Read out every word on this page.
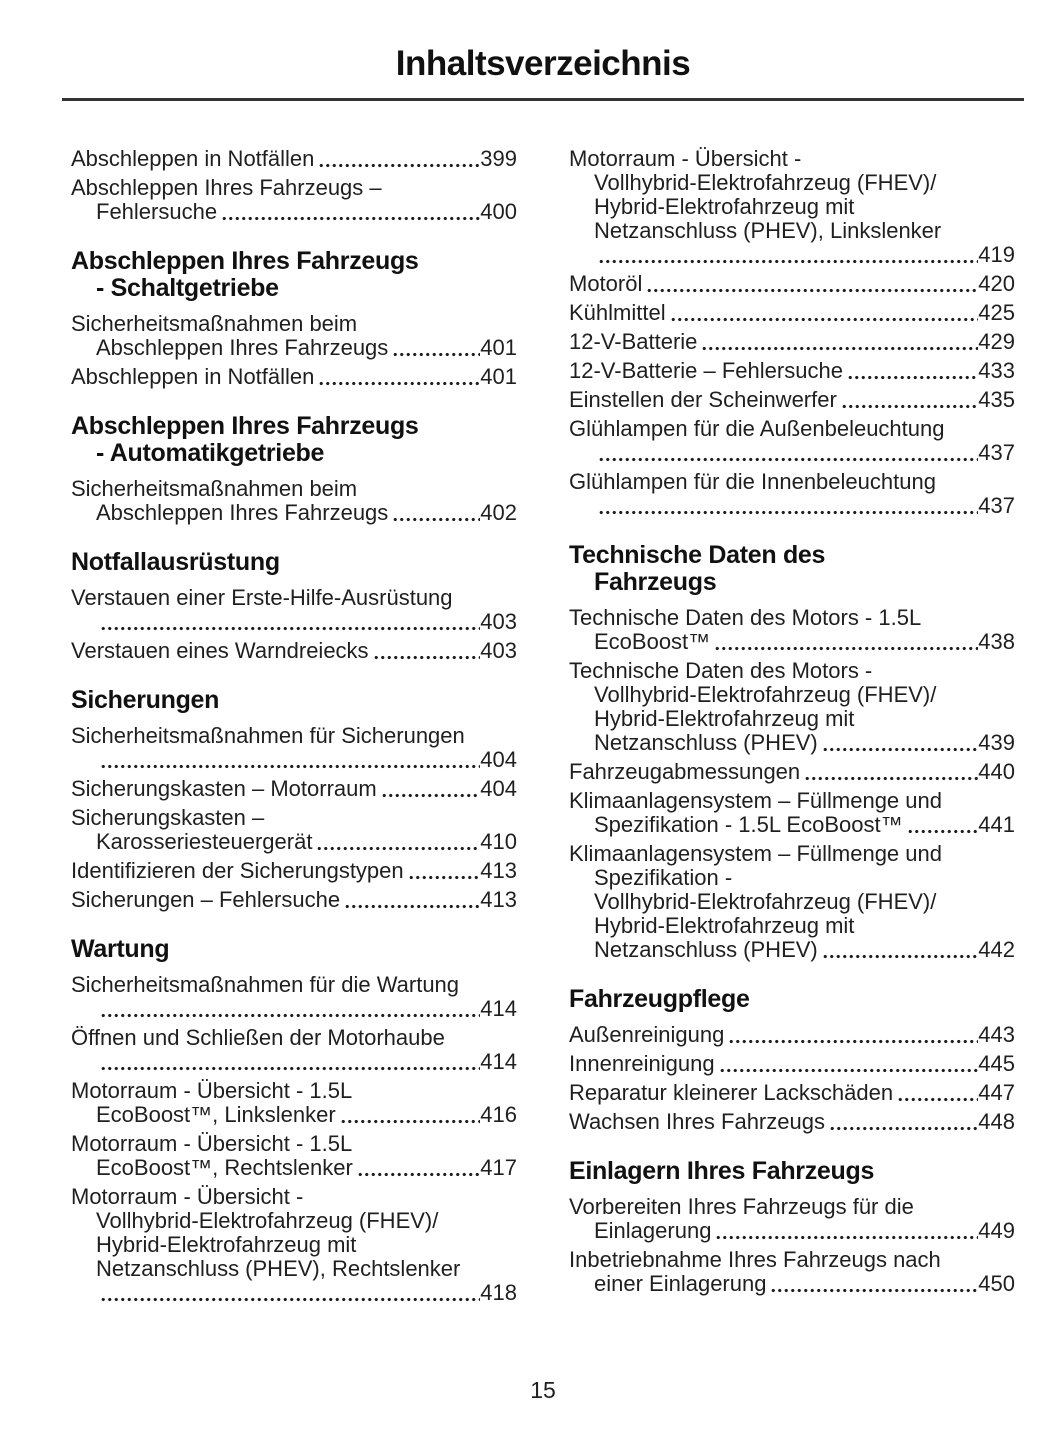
Inhaltsverzeichnis
Abschleppen in Notfällen	399
Abschleppen Ihres Fahrzeugs –
Fehlersuche	400
Abschleppen Ihres Fahrzeugs
- Schaltgetriebe
Sicherheitsmaßnahmen beim
Abschleppen Ihres Fahrzeugs	401
Abschleppen in Notfällen	401
Abschleppen Ihres Fahrzeugs
- Automatikgetriebe
Sicherheitsmaßnahmen beim
Abschleppen Ihres Fahrzeugs	402
Notfallausrüstung
Verstauen einer Erste-Hilfe-Ausrüstung
403
Verstauen eines Warndreiecks	403
Sicherungen
Sicherheitsmaßnahmen für Sicherungen
404
Sicherungskasten – Motorraum	404
Sicherungskasten –
Karosseriesteuergerät	410
Identifizieren der Sicherungstypen	413
Sicherungen – Fehlersuche	413
Wartung
Sicherheitsmaßnahmen für die Wartung
414
Öffnen und Schließen der Motorhaube
414
Motorraum - Übersicht - 1.5L
EcoBoost™, Linkslenker	416
Motorraum - Übersicht - 1.5L
EcoBoost™, Rechtslenker	417
Motorraum - Übersicht -
Vollhybrid-Elektrofahrzeug (FHEV)/
Hybrid-Elektrofahrzeug mit
Netzanschluss (PHEV), Rechtslenker
418
Motorraum - Übersicht -
Vollhybrid-Elektrofahrzeug (FHEV)/
Hybrid-Elektrofahrzeug mit
Netzanschluss (PHEV), Linkslenker
419
Motoröl	420
Kühlmittel	425
12-V-Batterie	429
12-V-Batterie – Fehlersuche	433
Einstellen der Scheinwerfer	435
Glühlampen für die Außenbeleuchtung
437
Glühlampen für die Innenbeleuchtung
437
Technische Daten des
Fahrzeugs
Technische Daten des Motors - 1.5L
EcoBoost™	438
Technische Daten des Motors -
Vollhybrid-Elektrofahrzeug (FHEV)/
Hybrid-Elektrofahrzeug mit
Netzanschluss (PHEV)	439
Fahrzeugabmessungen	440
Klimaanlagensystem – Füllmenge und
Spezifikation - 1.5L EcoBoost™	441
Klimaanlagensystem – Füllmenge und
Spezifikation -
Vollhybrid-Elektrofahrzeug (FHEV)/
Hybrid-Elektrofahrzeug mit
Netzanschluss (PHEV)	442
Fahrzeugpflege
Außenreinigung	443
Innenreinigung	445
Reparatur kleinerer Lackschäden	447
Wachsen Ihres Fahrzeugs	448
Einlagern Ihres Fahrzeugs
Vorbereiten Ihres Fahrzeugs für die
Einlagerung	449
Inbetriebnahme Ihres Fahrzeugs nach
einer Einlagerung	450
15
